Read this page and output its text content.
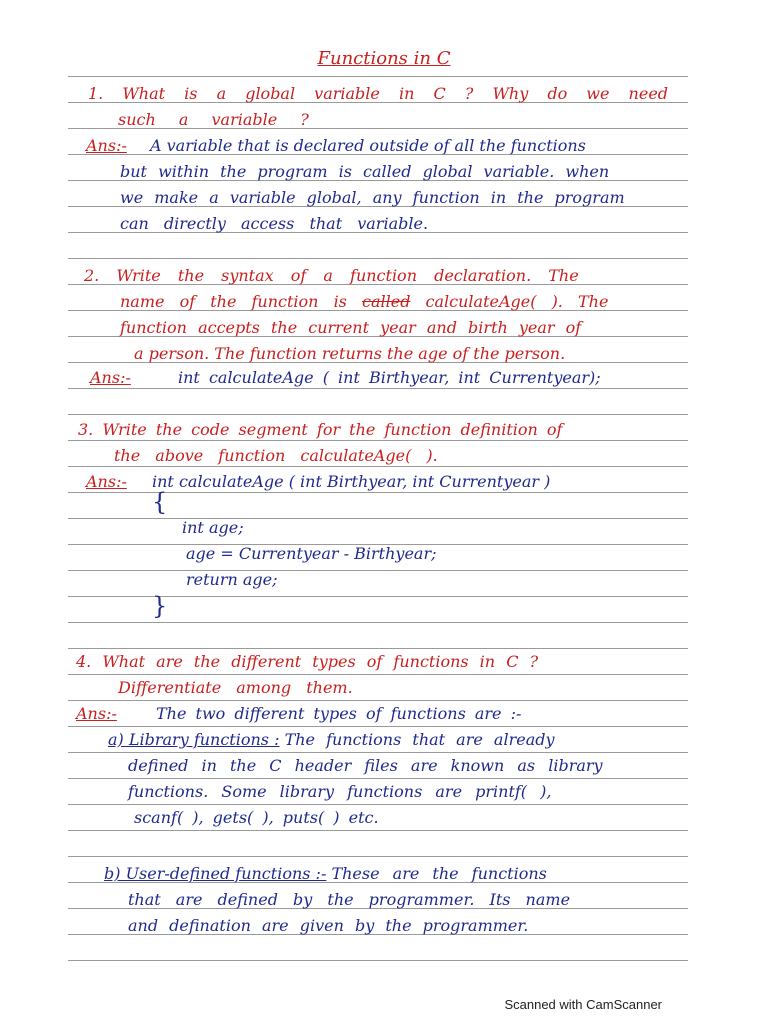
Functions in C
1. What is a global variable in C ? Why do we need
such a variable ?
Ans:- A variable that is declared outside of all the functions
but within the program is called global variable. when
we make a variable global, any function in the program
can directly access that variable.
2. Write the syntax of a function declaration. The
name of the function is called calculateAge( ). The
function accepts the current year and birth year of
a person. The function returns the age of the person.
Ans:-	int calculateAge ( int Birthyear, int Currentyear);
3. Write the code segment for the function definition of
the above function calculateAge( ).
Ans:- int calculateAge ( int Birthyear, int Currentyear )
{
int age;
age = Currentyear - Birthyear;
return age;
}
4. What are the different types of functions in C ?
Differentiate among them.
Ans:- The two different types of functions are :-
a) Library functions : The functions that are already
defined in the C header files are known as library
functions. Some library functions are printf( ),
scanf( ), gets( ), puts( ) etc.
b) User-defined functions :- These are the functions
that are defined by the programmer. Its name
and defination are given by the programmer.
Scanned with CamScanner
